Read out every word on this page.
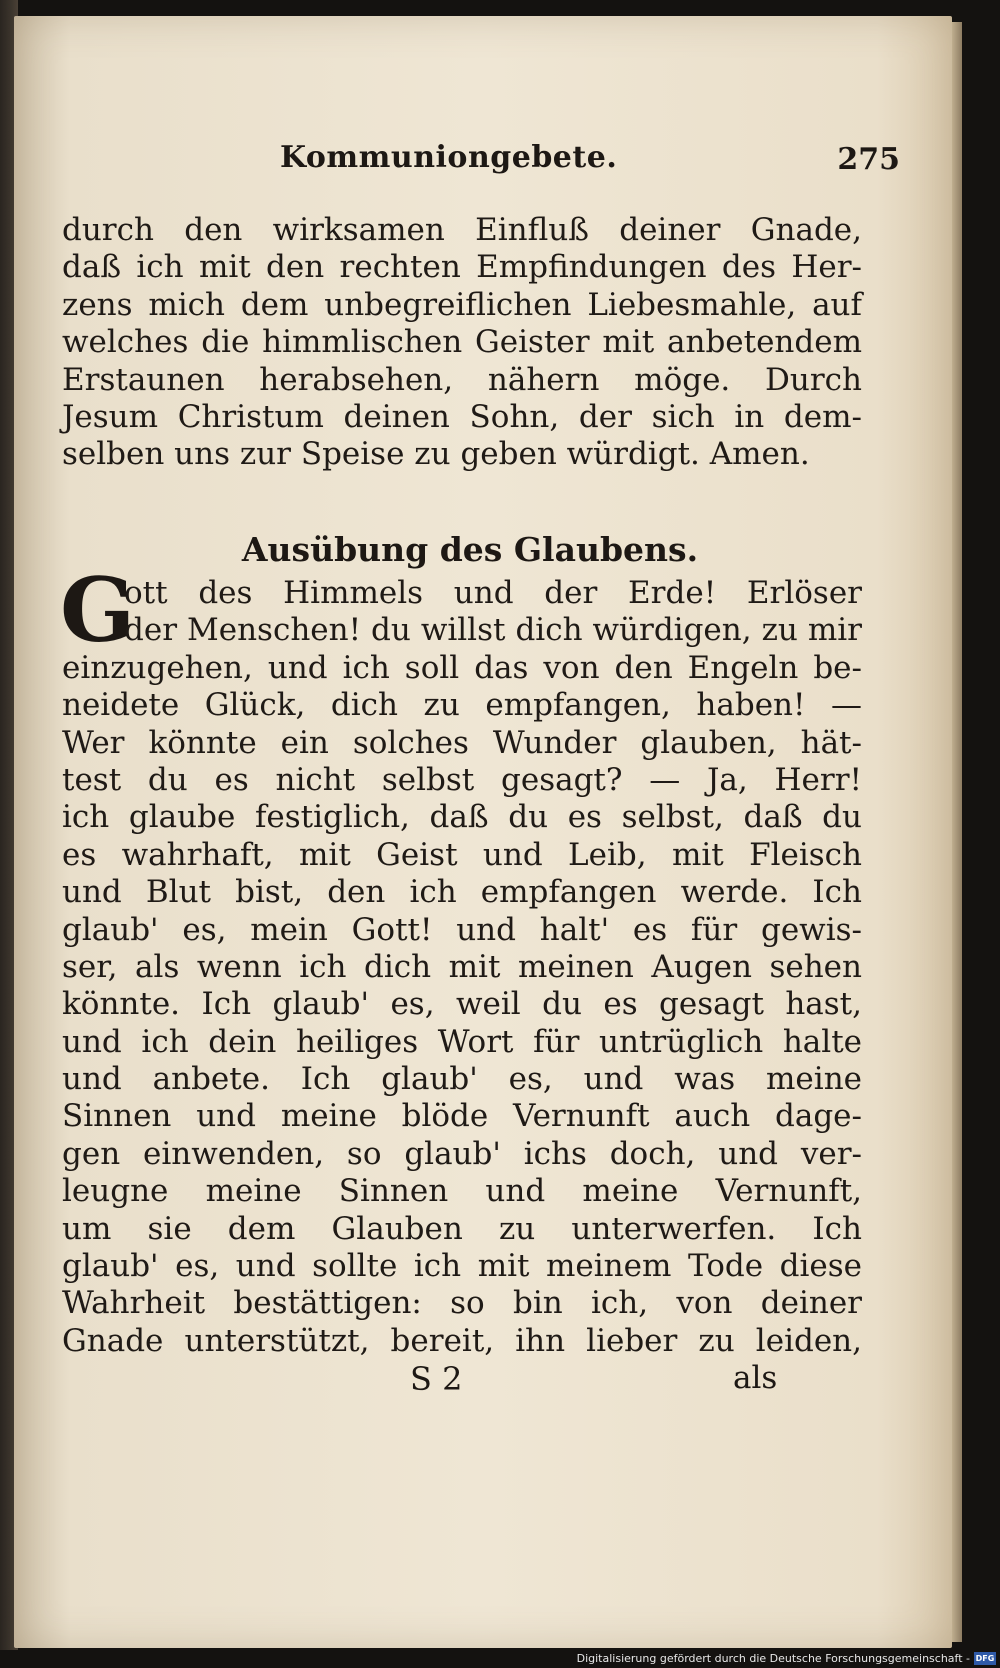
Kommuniongebete.	275
durch den wirksamen Einfluß deiner Gnade,
daß ich mit den rechten Empfindungen des Her-
zens mich dem unbegreiflichen Liebesmahle, auf
welches die himmlischen Geister mit anbetendem
Erstaunen herabsehen, nähern möge. Durch
Jesum Christum deinen Sohn, der sich in dem-
selben uns zur Speise zu geben würdigt. Amen.
Ausübung des Glaubens.
G
ott des Himmels und der Erde! Erlöser
der Menschen! du willst dich würdigen, zu mir
einzugehen, und ich soll das von den Engeln be-
neidete Glück, dich zu empfangen, haben! —
Wer könnte ein solches Wunder glauben, hät-
test du es nicht selbst gesagt? — Ja, Herr!
ich glaube festiglich, daß du es selbst, daß du
es wahrhaft, mit Geist und Leib, mit Fleisch
und Blut bist, den ich empfangen werde. Ich
glaub' es, mein Gott! und halt' es für gewis-
ser, als wenn ich dich mit meinen Augen sehen
könnte. Ich glaub' es, weil du es gesagt hast,
und ich dein heiliges Wort für untrüglich halte
und anbete. Ich glaub' es, und was meine
Sinnen und meine blöde Vernunft auch dage-
gen einwenden, so glaub' ichs doch, und ver-
leugne meine Sinnen und meine Vernunft,
um sie dem Glauben zu unterwerfen. Ich
glaub' es, und sollte ich mit meinem Tode diese
Wahrheit bestättigen: so bin ich, von deiner
Gnade unterstützt, bereit, ihn lieber zu leiden,
S 2	als
Digitalisierung gefördert durch die Deutsche Forschungsgemeinschaft - DFG
